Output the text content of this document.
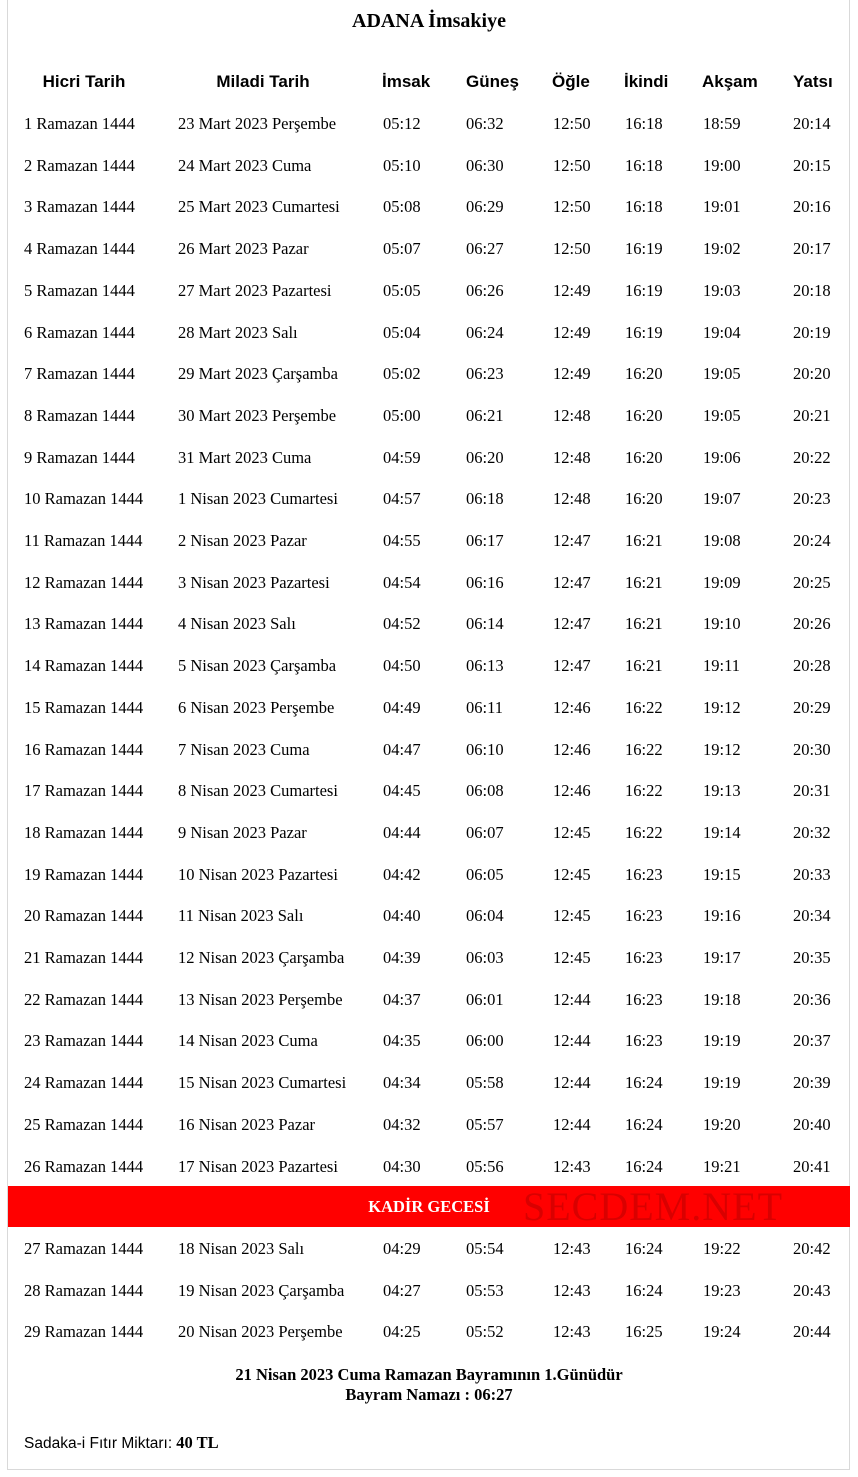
ADANA İmsakiye
Hicri Tarih	Miladi Tarih	İmsak Güneş Öğle İkindi Akşam Yatsı
1 Ramazan 1444	23 Mart 2023 Perşembe	05:12	06:32	12:50 16:18 18:59	20:14
2 Ramazan 1444	24 Mart 2023 Cuma	05:10	06:30	12:50 16:18 19:00	20:15
3 Ramazan 1444	25 Mart 2023 Cumartesi	05:08	06:29	12:50 16:18 19:01	20:16
4 Ramazan 1444	26 Mart 2023 Pazar	05:07	06:27	12:50 16:19 19:02	20:17
5 Ramazan 1444	27 Mart 2023 Pazartesi	05:05	06:26	12:49 16:19 19:03	20:18
6 Ramazan 1444	28 Mart 2023 Salı	05:04	06:24	12:49 16:19 19:04	20:19
7 Ramazan 1444	29 Mart 2023 Çarşamba	05:02	06:23	12:49 16:20 19:05	20:20
8 Ramazan 1444	30 Mart 2023 Perşembe	05:00	06:21	12:48 16:20 19:05	20:21
9 Ramazan 1444	31 Mart 2023 Cuma	04:59	06:20	12:48 16:20 19:06	20:22
10 Ramazan 1444 1 Nisan 2023 Cumartesi	04:57	06:18	12:48 16:20 19:07	20:23
11 Ramazan 1444 2 Nisan 2023 Pazar	04:55	06:17	12:47 16:21 19:08	20:24
12 Ramazan 1444 3 Nisan 2023 Pazartesi	04:54	06:16	12:47 16:21 19:09	20:25
13 Ramazan 1444 4 Nisan 2023 Salı	04:52	06:14	12:47 16:21 19:10	20:26
14 Ramazan 1444 5 Nisan 2023 Çarşamba	04:50	06:13	12:47 16:21 19:11	20:28
15 Ramazan 1444 6 Nisan 2023 Perşembe	04:49	06:11	12:46 16:22 19:12	20:29
16 Ramazan 1444 7 Nisan 2023 Cuma	04:47	06:10	12:46 16:22 19:12	20:30
17 Ramazan 1444 8 Nisan 2023 Cumartesi	04:45	06:08	12:46 16:22 19:13	20:31
18 Ramazan 1444 9 Nisan 2023 Pazar	04:44	06:07	12:45 16:22 19:14	20:32
19 Ramazan 1444 10 Nisan 2023 Pazartesi	04:42	06:05	12:45 16:23 19:15	20:33
20 Ramazan 1444 11 Nisan 2023 Salı	04:40	06:04	12:45 16:23 19:16	20:34
21 Ramazan 1444 12 Nisan 2023 Çarşamba 04:39	06:03	12:45 16:23 19:17	20:35
22 Ramazan 1444 13 Nisan 2023 Perşembe 04:37	06:01	12:44 16:23 19:18	20:36
23 Ramazan 1444 14 Nisan 2023 Cuma	04:35	06:00	12:44 16:23 19:19	20:37
24 Ramazan 1444 15 Nisan 2023 Cumartesi 04:34	05:58	12:44 16:24 19:19	20:39
25 Ramazan 1444 16 Nisan 2023 Pazar	04:32	05:57	12:44 16:24 19:20	20:40
26 Ramazan 1444 17 Nisan 2023 Pazartesi	04:30	05:56	12:43 16:24 19:21	20:41
27 Ramazan 1444 18 Nisan 2023 Salı	04:29	05:54	12:43 16:24 19:22	20:42
28 Ramazan 1444 19 Nisan 2023 Çarşamba 04:27	05:53	12:43 16:24 19:23	20:43
29 Ramazan 1444 20 Nisan 2023 Perşembe 04:25	05:52	12:43 16:25 19:24	20:44
SECDEM.NET
KADİR GECESİ
21 Nisan 2023 Cuma Ramazan Bayramının 1.Günüdür
Bayram Namazı : 06:27
Sadaka-i Fıtır Miktarı: 40 TL
